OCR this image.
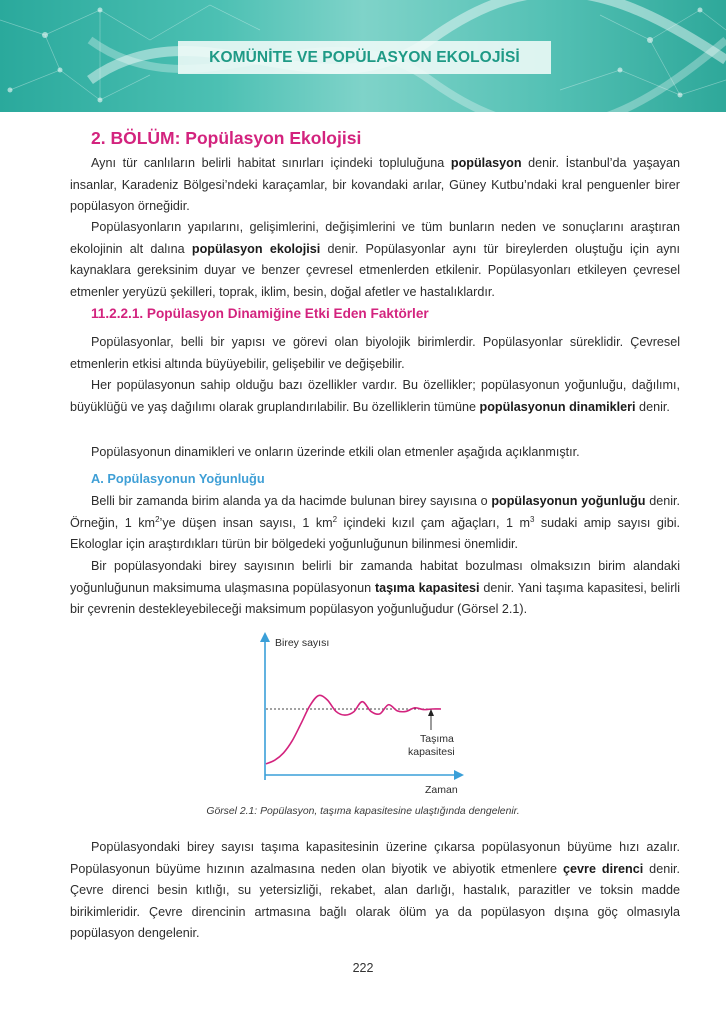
KOMÜNİTE VE POPÜLASYON EKOLOJİSİ
2. BÖLÜM: Popülasyon Ekolojisi
Aynı tür canlıların belirli habitat sınırları içindeki topluluğuna popülasyon denir. İstanbul’da yaşayan insanlar, Karadeniz Bölgesi’ndeki karaçamlar, bir kovandaki arılar, Güney Kutbu’ndaki kral penguenler birer popülasyon örneğidir.
Popülasyonların yapılarını, gelişimlerini, değişimlerini ve tüm bunların neden ve sonuçlarını araştıran ekolojinin alt dalına popülasyon ekolojisi denir. Popülasyonlar aynı tür bireylerden oluştuğu için aynı kaynaklara gereksinim duyar ve benzer çevresel etmenlerden etkilenir. Popülasyonları etkileyen çevresel etmenler yeryüzü şekilleri, toprak, iklim, besin, doğal afetler ve hastalıklardır.
11.2.2.1. Popülasyon Dinamiğine Etki Eden Faktörler
Popülasyonlar, belli bir yapısı ve görevi olan biyolojik birimlerdir. Popülasyonlar süreklidir. Çevresel etmenlerin etkisi altında büyüyebilir, gelişebilir ve değişebilir.
Her popülasyonun sahip olduğu bazı özellikler vardır. Bu özellikler; popülasyonun yoğunluğu, dağılımı, büyüklüğü ve yaş dağılımı olarak gruplandırılabilir. Bu özelliklerin tümüne popülasyonun dinamikleri denir.
Popülasyonun dinamikleri ve onların üzerinde etkili olan etmenler aşağıda açıklanmıştır.
A. Popülasyonun Yoğunluğu
Belli bir zamanda birim alanda ya da hacimde bulunan birey sayısına o popülasyonun yoğunluğu denir. Örneğin, 1 $km^2’ye$ düşen insan sayısı, 1 $km^2$ içindeki kızıl çam ağaçları, 1 $m^3$ sudaki amip sayısı gibi. Ekologlar için araştırdıkları türün bir bölgedeki yoğunluğunun bilinmesi önemlidir.
Bir popülasyondaki birey sayısının belirli bir zamanda habitat bozulması olmaksızın birim alandaki yoğunluğunun maksimuma ulaşmasına popülasyonun taşıma kapasitesi denir. Yani taşıma kapasitesi, belirli bir çevrenin destekleyebileceği maksimum popülasyon yoğunluğudur (Görsel 2.1).
Birey sayısı
Taşıma
kapasitesi
Zaman
Görsel 2.1: Popülasyon, taşıma kapasitesine ulaştığında dengelenir.
Popülasyondaki birey sayısı taşıma kapasitesinin üzerine çıkarsa popülasyonun büyüme hızı azalır. Popülasyonun büyüme hızının azalmasına neden olan biyotik ve abiyotik etmenlere çevre direnci denir. Çevre direnci besin kıtlığı, su yetersizliği, rekabet, alan darlığı, hastalık, parazitler ve toksin madde birikimleridir. Çevre direncinin artmasına bağlı olarak ölüm ya da popülasyon dışına göç olmasıyla popülasyon dengelenir.
222
